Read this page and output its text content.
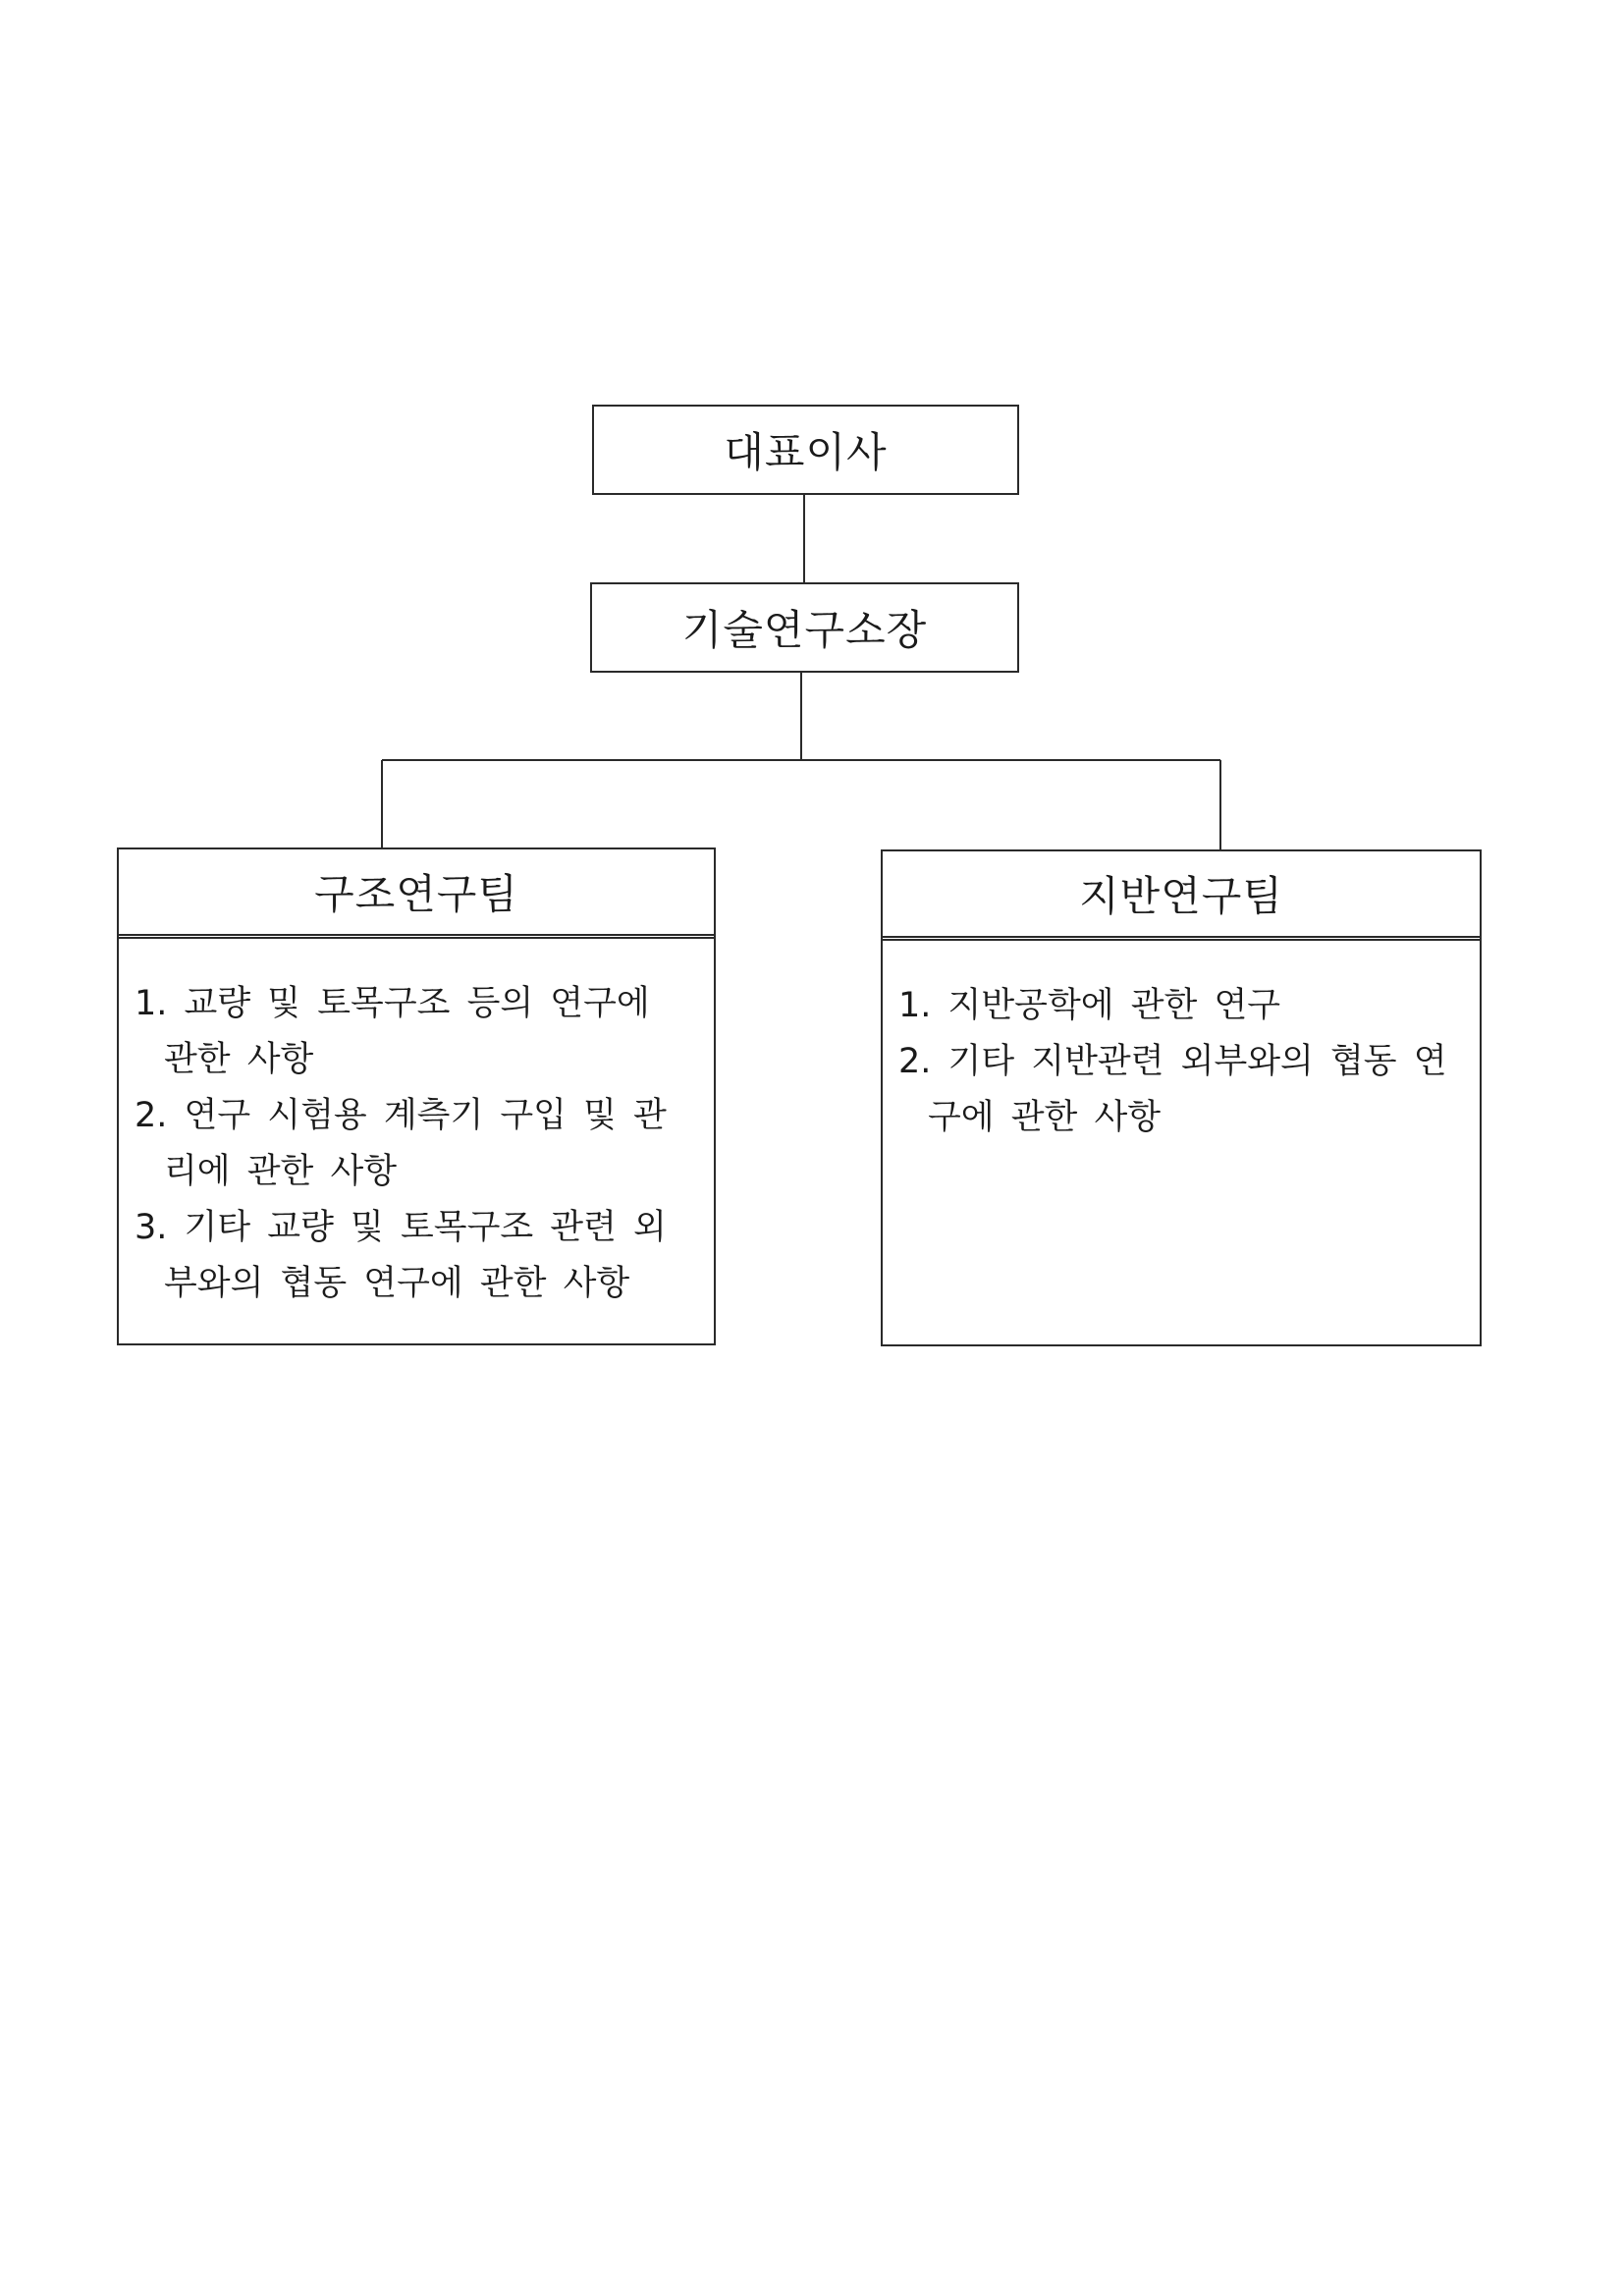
대표이사
기술연구소장
구조연구팀
1. 교량 및 토목구조 등의 연구에 관한 사항
2. 연구 시험용 계측기 구입 및 관리에 관한 사항
3. 기타 교량 및 토목구조 관련 외부와의 협동 연구에 관한 사항
지반연구팀
1. 지반공학에 관한 연구
2. 기타 지반관련 외부와의 협동 연구에 관한 사항
